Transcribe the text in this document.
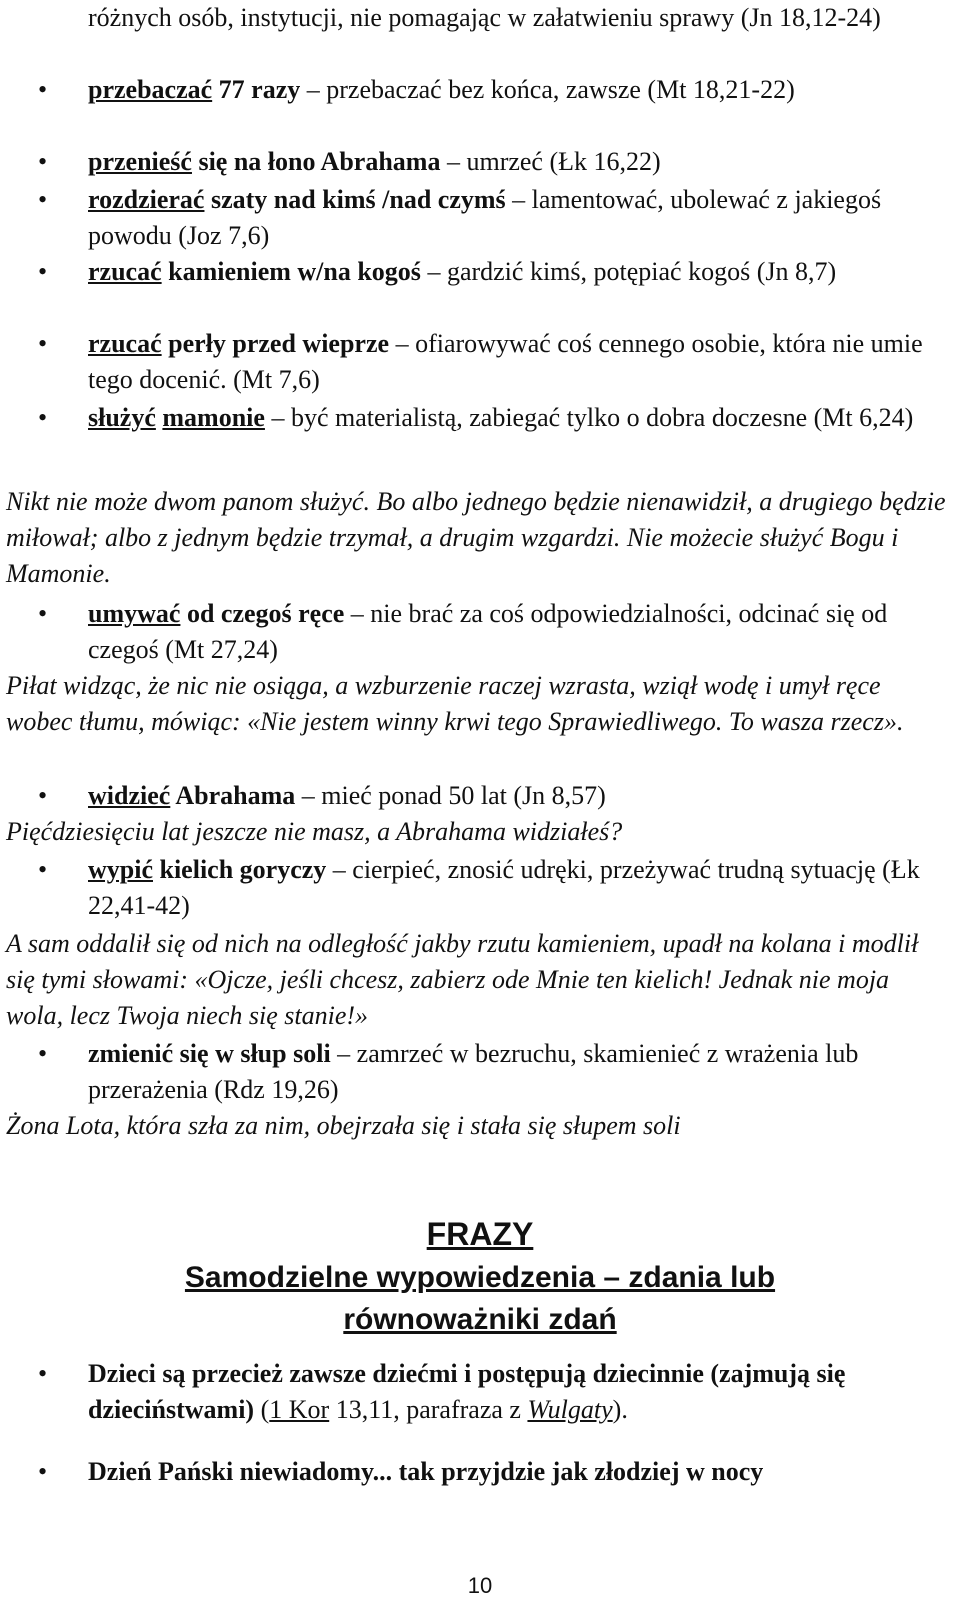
różnych osób, instytucji, nie pomagając w załatwieniu sprawy (Jn 18,12-24)
• przebaczać 77 razy – przebaczać bez końca, zawsze (Mt 18,21-22)
• przenieść się na łono Abrahama – umrzeć (Łk 16,22)
• rozdzierać szaty nad kimś /nad czymś – lamentować, ubolewać z jakiegoś powodu (Joz 7,6)
• rzucać kamieniem w/na kogoś – gardzić kimś, potępiać kogoś (Jn 8,7)
• rzucać perły przed wieprze – ofiarowywać coś cennego osobie, która nie umie tego docenić. (Mt 7,6)
• służyć mamonie – być materialistą, zabiegać tylko o dobra doczesne (Mt 6,24)

Nikt nie może dwom panom służyć. Bo albo jednego będzie nienawidził, a drugiego będzie miłował; albo z jednym będzie trzymał, a drugim wzgardzi. Nie możecie służyć Bogu i Mamonie.

• umywać od czegoś ręce – nie brać za coś odpowiedzialności, odcinać się od czegoś (Mt 27,24)

Piłat widząc, że nic nie osiąga, a wzburzenie raczej wzrasta, wziął wodę i umył ręce wobec tłumu, mówiąc: «Nie jestem winny krwi tego Sprawiedliwego. To wasza rzecz».

• widzieć Abrahama – mieć ponad 50 lat (Jn 8,57)

Pięćdziesięciu lat jeszcze nie masz, a Abrahama widziałeś?

• wypić kielich goryczy – cierpieć, znosić udręki, przeżywać trudną sytuację (Łk 22,41-42)

A sam oddalił się od nich na odległość jakby rzutu kamieniem, upadł na kolana i modlił się tymi słowami: «Ojcze, jeśli chcesz, zabierz ode Mnie ten kielich! Jednak nie moja wola, lecz Twoja niech się stanie!»

• zmienić się w słup soli – zamrzeć w bezruchu, skamienieć z wrażenia lub przerażenia (Rdz 19,26)

Żona Lota, która szła za nim, obejrzała się i stała się słupem soli

FRAZY
Samodzielne wypowiedzenia – zdania lub
równoważniki zdań
• Dzieci są przecież zawsze dziećmi i postępują dziecinnie (zajmują się dzieciństwami) (1 Kor 13,11, parafraza z Wulgaty).
• Dzień Pański niewiadomy... tak przyjdzie jak złodziej w nocy
10
